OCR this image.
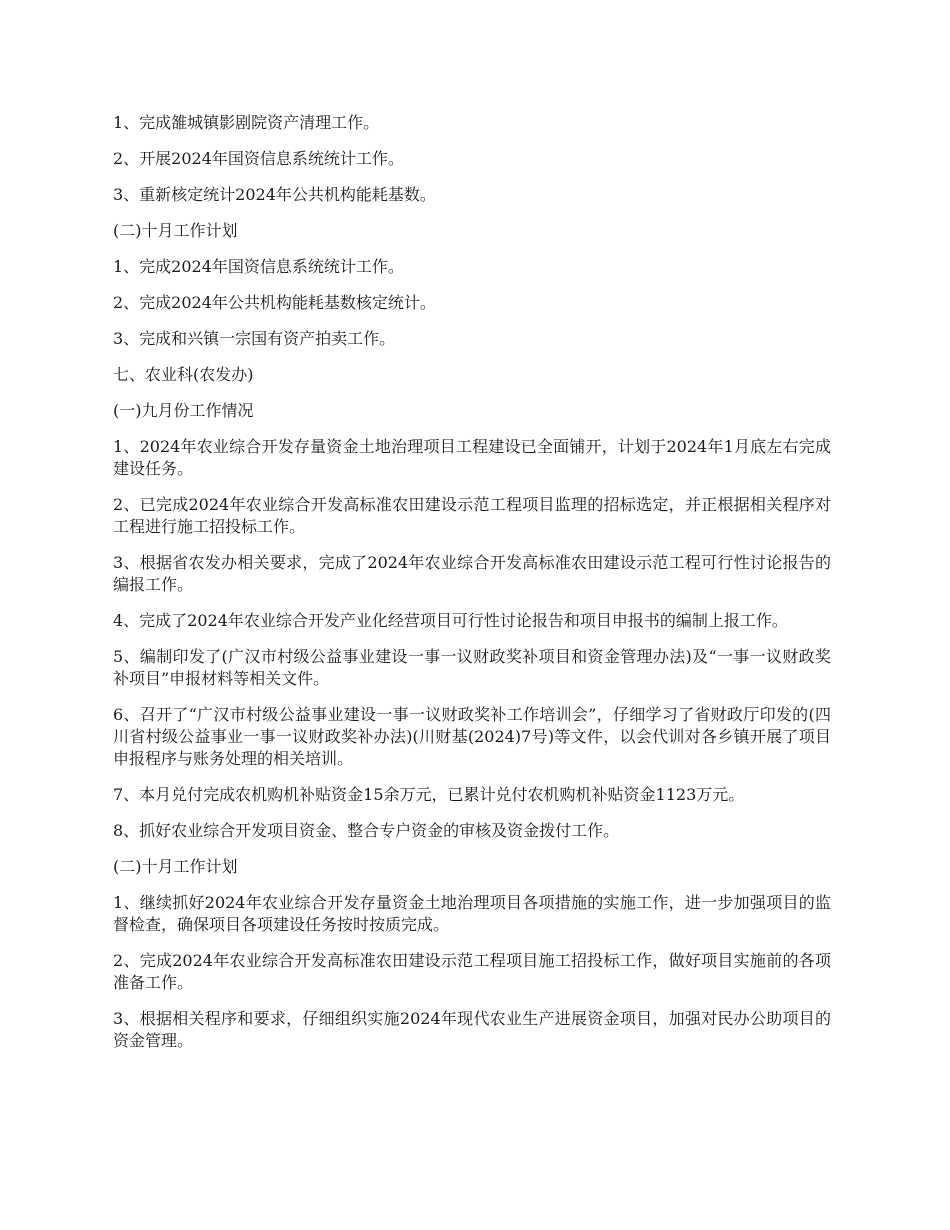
1、完成雒城镇影剧院资产清理工作。

2、开展2024年国资信息系统统计工作。

3、重新核定统计2024年公共机构能耗基数。

(二)十月工作计划

1、完成2024年国资信息系统统计工作。

2、完成2024年公共机构能耗基数核定统计。

3、完成和兴镇一宗国有资产拍卖工作。

七、农业科(农发办)

(一)九月份工作情况

1、2024年农业综合开发存量资金土地治理项目工程建设已全面铺开，计划于2024年1月底左右完成建设任务。

2、已完成2024年农业综合开发高标准农田建设示范工程项目监理的招标选定，并正根据相关程序对工程进行施工招投标工作。

3、根据省农发办相关要求，完成了2024年农业综合开发高标准农田建设示范工程可行性讨论报告的编报工作。

4、完成了2024年农业综合开发产业化经营项目可行性讨论报告和项目申报书的编制上报工作。

5、编制印发了(广汉市村级公益事业建设一事一议财政奖补项目和资金管理办法)及“一事一议财政奖补项目”申报材料等相关文件。

6、召开了“广汉市村级公益事业建设一事一议财政奖补工作培训会”，仔细学习了省财政厅印发的(四川省村级公益事业一事一议财政奖补办法)(川财基(2024)7号)等文件，以会代训对各乡镇开展了项目申报程序与账务处理的相关培训。

7、本月兑付完成农机购机补贴资金15余万元，已累计兑付农机购机补贴资金1123万元。

8、抓好农业综合开发项目资金、整合专户资金的审核及资金拨付工作。

(二)十月工作计划

1、继续抓好2024年农业综合开发存量资金土地治理项目各项措施的实施工作，进一步加强项目的监督检查，确保项目各项建设任务按时按质完成。

2、完成2024年农业综合开发高标准农田建设示范工程项目施工招投标工作，做好项目实施前的各项准备工作。

3、根据相关程序和要求，仔细组织实施2024年现代农业生产进展资金项目，加强对民办公助项目的资金管理。
